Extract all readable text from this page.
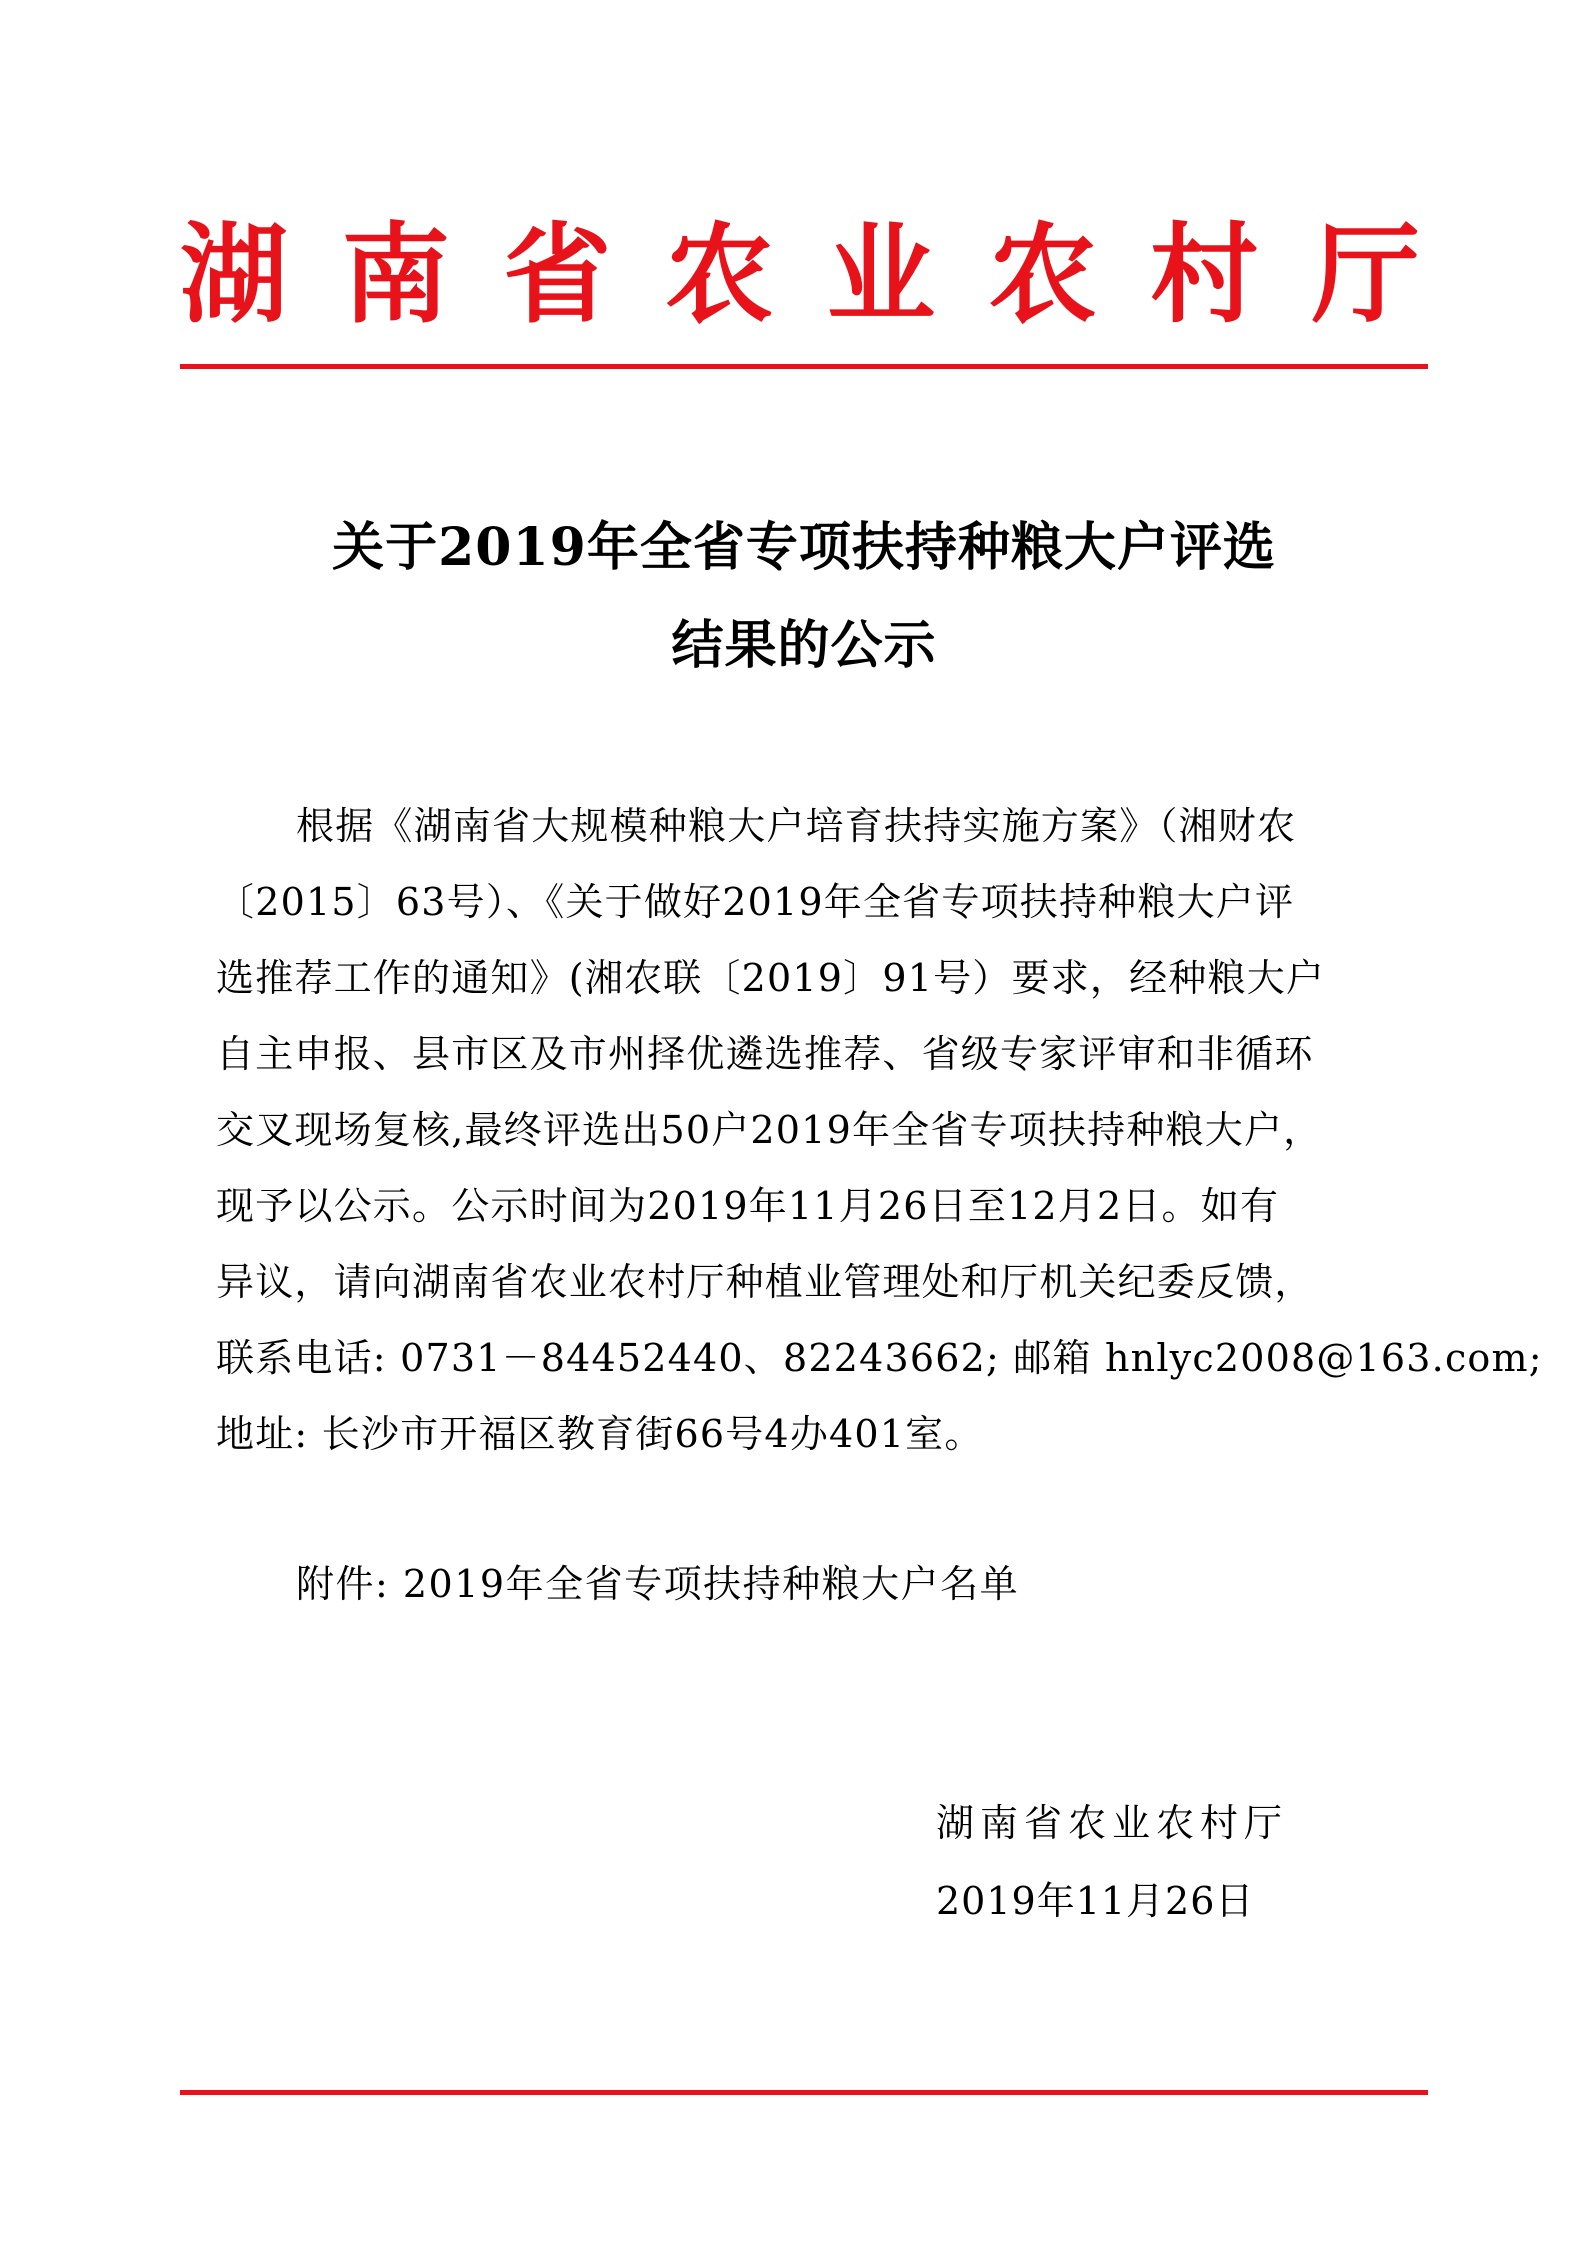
湖 南 省 农 业 农 村 厅
关于2019年全省专项扶持种粮大户评选
结果的公示

根据《湖南省大规模种粮大户培育扶持实施方案》（湘财农

〔2015〕63号）、《关于做好2019年全省专项扶持种粮大户评

选推荐工作的通知》(湘农联〔2019〕91号）要求，经种粮大户

自主申报、县市区及市州择优遴选推荐、省级专家评审和非循环

交叉现场复核,最终评选出50户2019年全省专项扶持种粮大户，

现予以公示。公示时间为2019年11月26日至12月2日。如有

异议，请向湖南省农业农村厅种植业管理处和厅机关纪委反馈，

联系电话: 0731－84452440、82243662; 邮箱 hnlyc2008@163.com;

地址: 长沙市开福区教育街66号4办401室。

附件: 2019年全省专项扶持种粮大户名单
湖南省农业农村厅
2019年11月26日
